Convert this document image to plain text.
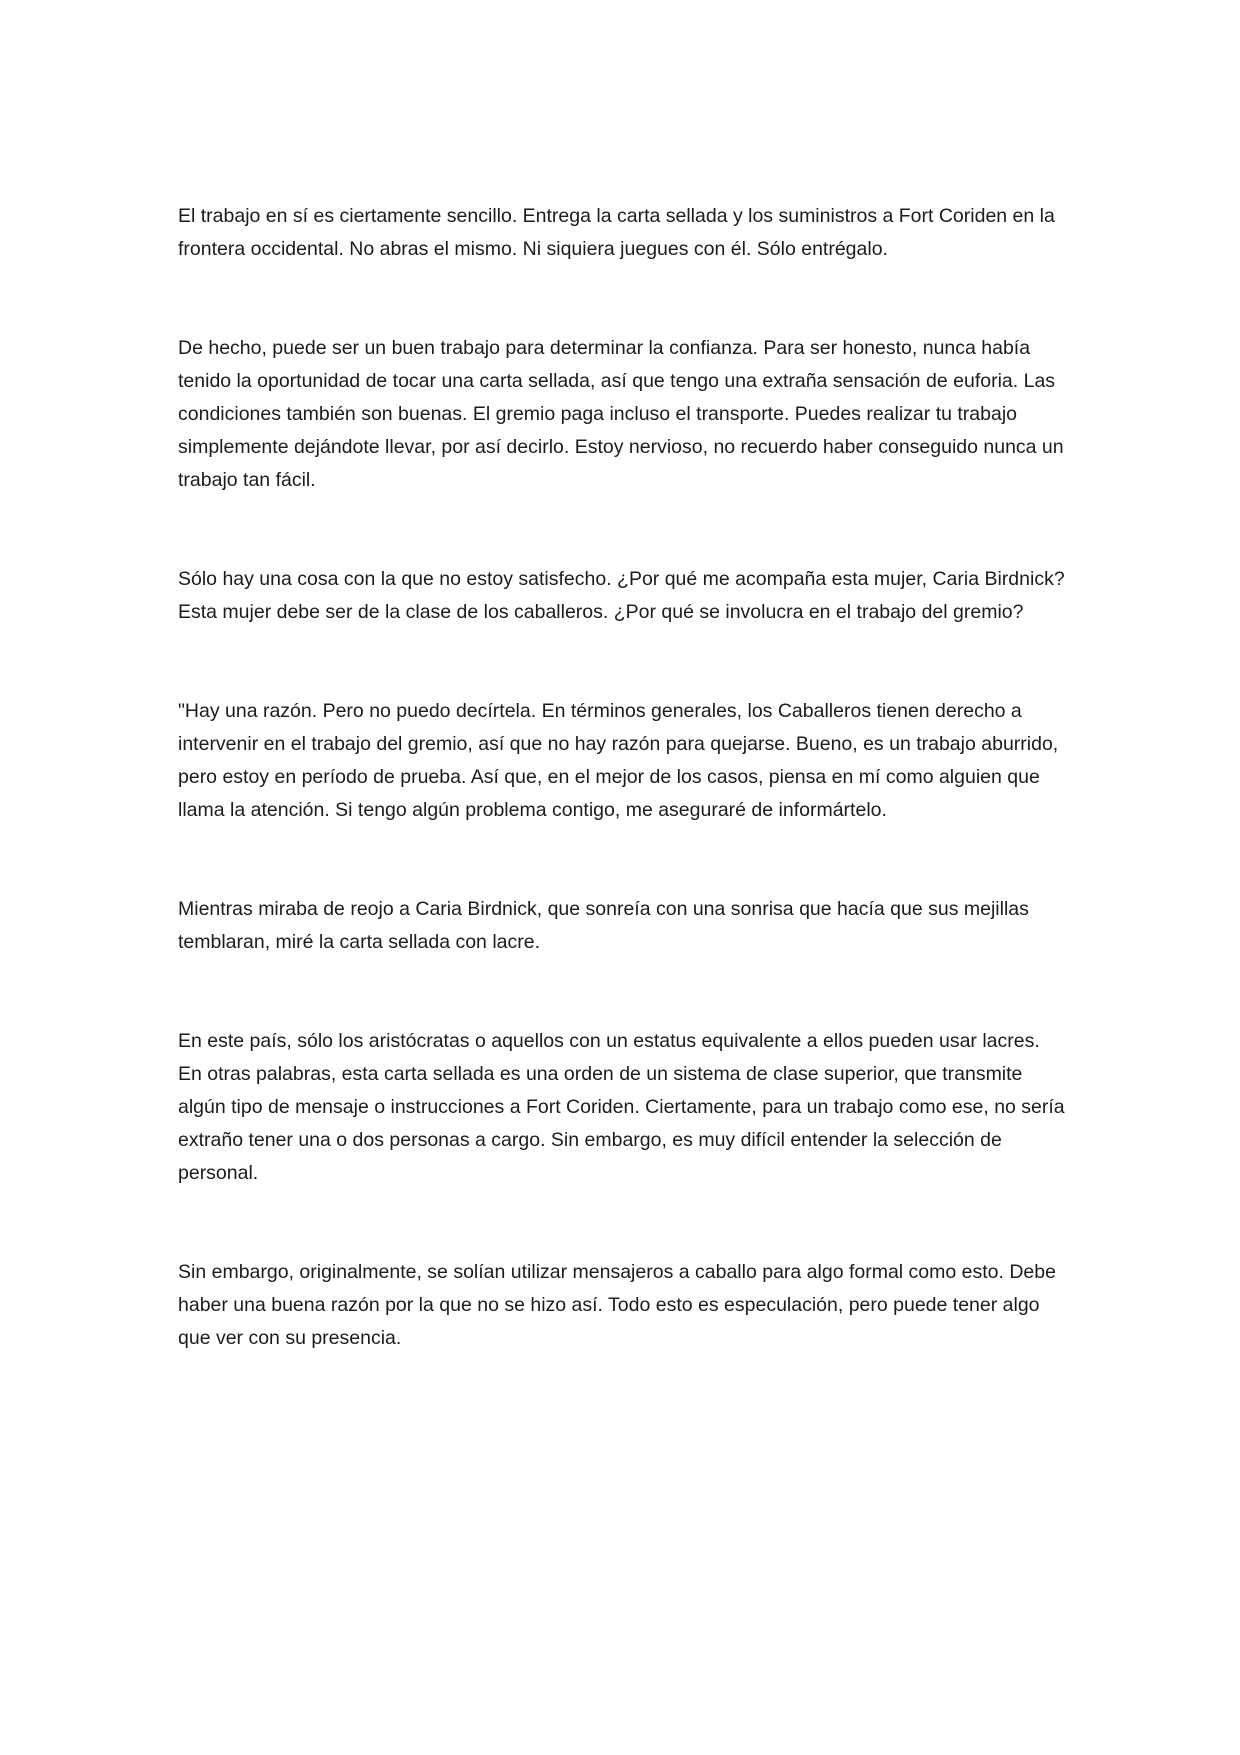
El trabajo en sí es ciertamente sencillo. Entrega la carta sellada y los suministros a Fort Coriden en la frontera occidental. No abras el mismo. Ni siquiera juegues con él. Sólo entrégalo.

De hecho, puede ser un buen trabajo para determinar la confianza. Para ser honesto, nunca había tenido la oportunidad de tocar una carta sellada, así que tengo una extraña sensación de euforia. Las condiciones también son buenas. El gremio paga incluso el transporte. Puedes realizar tu trabajo simplemente dejándote llevar, por así decirlo. Estoy nervioso, no recuerdo haber conseguido nunca un trabajo tan fácil.

Sólo hay una cosa con la que no estoy satisfecho. ¿Por qué me acompaña esta mujer, Caria Birdnick? Esta mujer debe ser de la clase de los caballeros. ¿Por qué se involucra en el trabajo del gremio?

"Hay una razón. Pero no puedo decírtela. En términos generales, los Caballeros tienen derecho a intervenir en el trabajo del gremio, así que no hay razón para quejarse. Bueno, es un trabajo aburrido, pero estoy en período de prueba. Así que, en el mejor de los casos, piensa en mí como alguien que llama la atención. Si tengo algún problema contigo, me aseguraré de informártelo.

Mientras miraba de reojo a Caria Birdnick, que sonreía con una sonrisa que hacía que sus mejillas temblaran, miré la carta sellada con lacre.

En este país, sólo los aristócratas o aquellos con un estatus equivalente a ellos pueden usar lacres. En otras palabras, esta carta sellada es una orden de un sistema de clase superior, que transmite algún tipo de mensaje o instrucciones a Fort Coriden. Ciertamente, para un trabajo como ese, no sería extraño tener una o dos personas a cargo. Sin embargo, es muy difícil entender la selección de personal.

Sin embargo, originalmente, se solían utilizar mensajeros a caballo para algo formal como esto. Debe haber una buena razón por la que no se hizo así. Todo esto es especulación, pero puede tener algo que ver con su presencia.
